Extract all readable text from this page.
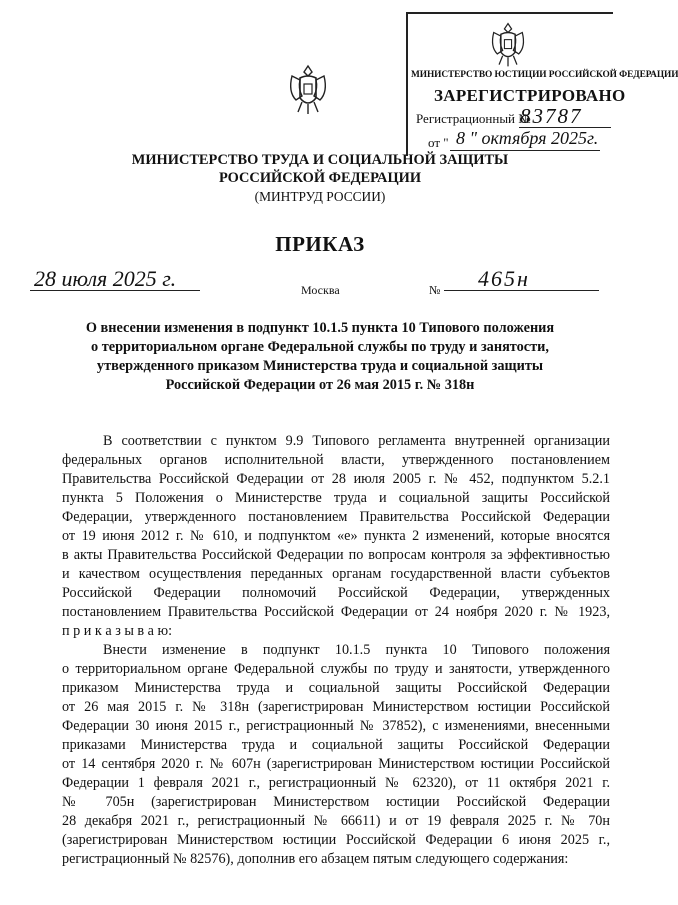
МИНИСТЕРСТВО ЮСТИЦИИ РОССИЙСКОЙ ФЕДЕРАЦИИ
ЗАРЕГИСТРИРОВАНО
Регистрационный №
83787
от " 8 " октября 2025г.
МИНИСТЕРСТВО ТРУДА И СОЦИАЛЬНОЙ ЗАЩИТЫ
РОССИЙСКОЙ ФЕДЕРАЦИИ
(МИНТРУД РОССИИ)
ПРИКАЗ
28 июля 2025 г.	Москва	№ 465н
О внесении изменения в подпункт 10.1.5 пункта 10 Типового положения
о территориальном органе Федеральной службы по труду и занятости,
утвержденного приказом Министерства труда и социальной защиты
Российской Федерации от 26 мая 2015 г. № 318н
В соответствии с пунктом 9.9 Типового регламента внутренней организации
федеральных органов исполнительной власти, утвержденного постановлением
Правительства Российской Федерации от 28 июля 2005 г. № 452, подпунктом 5.2.1
пункта 5 Положения о Министерстве труда и социальной защиты Российской
Федерации, утвержденного постановлением Правительства Российской Федерации
от 19 июня 2012 г. № 610, и подпунктом «е» пункта 2 изменений, которые вносятся
в акты Правительства Российской Федерации по вопросам контроля за эффективностью
и качеством осуществления переданных органам государственной власти субъектов
Российской Федерации полномочий Российской Федерации, утвержденных
постановлением Правительства Российской Федерации от 24 ноября 2020 г. № 1923,
п р и к а з ы в а ю:
Внести изменение в подпункт 10.1.5 пункта 10 Типового положения
о территориальном органе Федеральной службы по труду и занятости, утвержденного
приказом Министерства труда и социальной защиты Российской Федерации
от 26 мая 2015 г. № 318н (зарегистрирован Министерством юстиции Российской
Федерации 30 июня 2015 г., регистрационный № 37852), с изменениями, внесенными
приказами Министерства труда и социальной защиты Российской Федерации
от 14 сентября 2020 г. № 607н (зарегистрирован Министерством юстиции Российской
Федерации 1 февраля 2021 г., регистрационный № 62320), от 11 октября 2021 г.
№ 705н (зарегистрирован Министерством юстиции Российской Федерации
28 декабря 2021 г., регистрационный № 66611) и от 19 февраля 2025 г. № 70н
(зарегистрирован Министерством юстиции Российской Федерации 6 июня 2025 г.,
регистрационный № 82576), дополнив его абзацем пятым следующего содержания:
